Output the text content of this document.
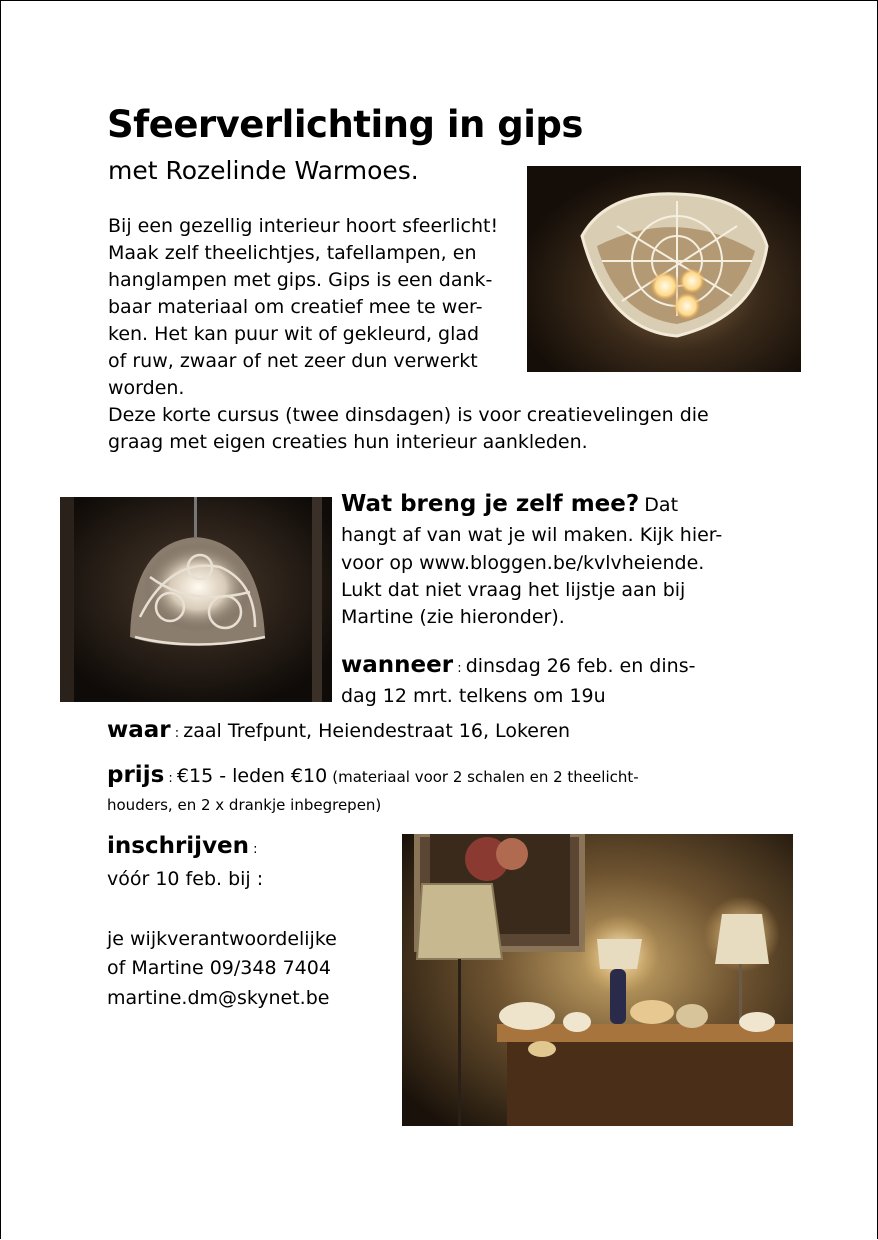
Sfeerverlichting in gips
met Rozelinde Warmoes.
Bij een gezellig interieur hoort sfeerlicht!
Maak zelf theelichtjes, tafellampen, en
hanglampen met gips. Gips is een dank-
baar materiaal om creatief mee te wer-
ken. Het kan puur wit of gekleurd, glad
of ruw, zwaar of net zeer dun verwerkt
worden.
Deze korte cursus (twee dinsdagen) is voor creatievelingen die
graag met eigen creaties hun interieur aankleden.
Wat breng je zelf mee? Dat
hangt af van wat je wil maken. Kijk hier-
voor op www.bloggen.be/kvlvheiende.
Lukt dat niet vraag het lijstje aan bij
Martine (zie hieronder).
wanneer : dinsdag 26 feb. en dins-
dag 12 mrt. telkens om 19u
waar : zaal Trefpunt, Heiendestraat 16, Lokeren
prijs : €15 - leden €10 (materiaal voor 2 schalen en 2 theelicht-
houders, en 2 x drankje inbegrepen)
inschrijven :
vóór 10 feb. bij :
je wijkverantwoordelijke
of Martine 09/348 7404
martine.dm@skynet.be
